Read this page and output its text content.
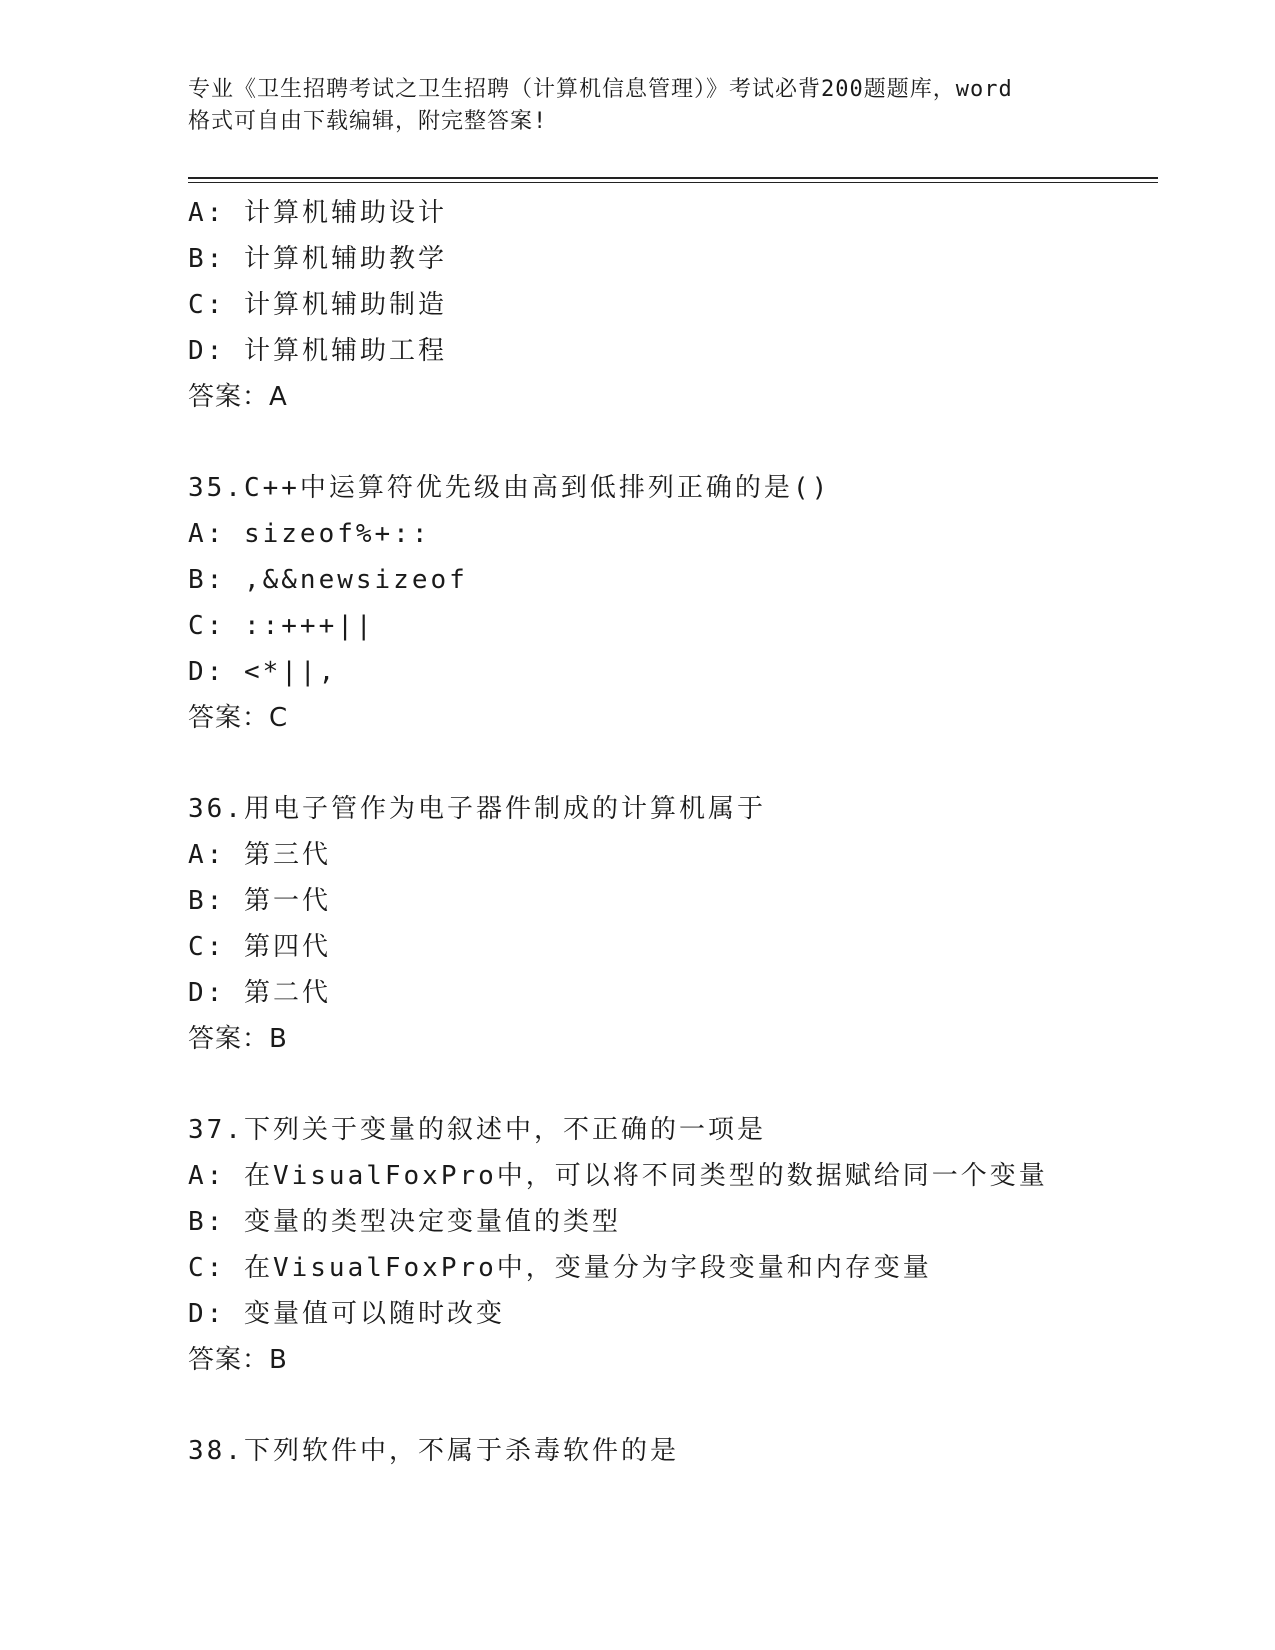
专业《卫生招聘考试之卫生招聘（计算机信息管理）》考试必背200题题库，word
格式可自由下载编辑，附完整答案!
A: 计算机辅助设计
B: 计算机辅助教学
C: 计算机辅助制造
D: 计算机辅助工程
答案：A
35.C++中运算符优先级由高到低排列正确的是()
A: sizeof%+::
B: ,&&newsizeof
C: ::+++||
D: <*||,
答案：C
36.用电子管作为电子器件制成的计算机属于
A: 第三代
B: 第一代
C: 第四代
D: 第二代
答案：B
37.下列关于变量的叙述中，不正确的一项是
A: 在VisualFoxPro中，可以将不同类型的数据赋给同一个变量
B: 变量的类型决定变量值的类型
C: 在VisualFoxPro中，变量分为字段变量和内存变量
D: 变量值可以随时改变
答案：B
38.下列软件中，不属于杀毒软件的是
